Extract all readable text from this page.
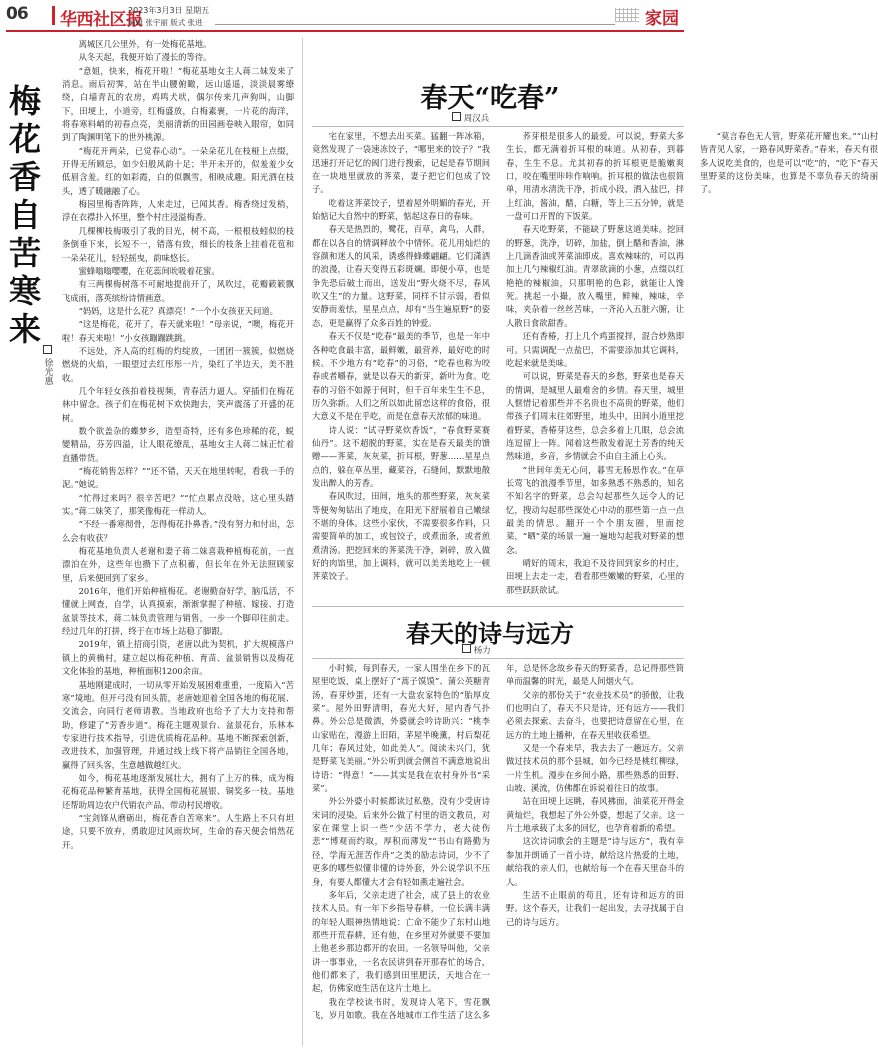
06 华西社区报
2023年3月3日 星期五
编辑 张宇丽 版式 张进	家园
梅花香自苦寒来

徐光惠

离城区几公里外，有一处梅花基地。

从冬天起，我便开始了漫长的等待。

“意姐，快来，梅花开啦！”梅花基地女主人蒋二妹发来了消息。雨后初霁，站在半山腰俯瞰，远山遥遥，淡淡晨雾缭绕，白墙青瓦的农房，鸡鸣犬吠，偶尔传来几声狗叫，山脚下，田埂上，小道旁，红梅盛放，白梅素裹，一片花的海洋，将春寒料峭的初春点亮，美丽清新的田园画卷映入眼帘，如同到了陶渊明笔下的世外桃源。

“梅花开两朵，已觉春心动”。一朵朵花儿在枝桠上点缀，开得无所顾忌，如少妇般风韵十足；半开未开的，似羞羞少女低眉含羞。红的如彩霞，白的似飘雪，相映成趣。阳光洒在枝头，透了暖融融了心。

梅园里梅香阵阵，人来走过，已闻其香。梅香绕过发梢，浮在衣襟扑入怀里，整个村庄浸溢梅香。

几棵柳枝梅吸引了我的目光，树不高，一根根枝蚓似的枝条倒垂下来，长短不一，错落有致，细长的枝条上挂着花苞和一朵朵花儿，轻轻摇曳，韵味悠长。

蜜蜂嗡嗡嘤嘤，在花蕊间吮吸着花蜜。

有三两棵梅树落不可耐地提前开了，风吹过，花瓣簌簌飘飞成雨，落英缤纷诗情画意。

“妈妈，这是什么花？真漂亮！”一个小女孩亚天问道。

“这是梅花，花开了，春天就来啦！”母亲说，“噢，梅花开啦！春天来啦！”小女孩蹦蹦跳跳。

不远处，齐人高的红梅的灼绽放，一团团一簇簇，似燃烧燃烧的火焰，一眼望过去红彤彤一片，染红了半边天，美不胜收。

几个年轻女孩拍着枝视频，青春活力逼人。穿插们在梅花林中留念。孩子们在梅花树下欢快跑去，笑声震荡了开盛的花树。

数个欲盖杂的蝶梦乡，造型奇特，还有多色珍稀的花，蜕變精品，芬芳四溢，让人眼花缭乱，基地女主人蒋二妹正忙着直播带货。

“梅花销售怎样？”“还不错，天天在地里转呢，看我一手的泥。”她说。

“忙得过来吗？很辛苦吧？”“忙点累点没啥，这心里头踏实。”蒋二妹笑了，那笑像梅花一样动人。

“不经一番寒彻骨，怎得梅花扑鼻香。”没有努力和付出，怎么会有收获？

梅花基地负责人老谢和妻子蒋二妹喜栽种植梅花前，一直漂泊在外，这些年也攒下了点积蓄，但长年在外无法照顾家里，后来便回到了家乡。

2016年，他们开始种植梅花。老谢勤奋好学，脑瓜活，不懂就上网查，自学，认真摸索，渐渐掌握了种植、嫁接、打造盆景等技术，蒋二妹负责管理与销售，一步一个脚印往前走。经过几年的打拼，终于在市场上站稳了脚跟。

2019年，镇上招商引资，老唐以此为契机，扩大规模落户镇上的黄桷村，建立起以梅花种植、育苗、盆景销售以及梅花文化体验的基地，种植面积1200余亩。

基地刚建成时，一切从零开始发展困难重重，一度陷入“苦寒”境地。但开弓没有回头箭，老唐她迎着全国各地的梅花展、交流会，向同行老师请教。当地政府也给予了大力支持和帮助，修建了“芳香步道”。梅花主题观景台、盆景花台，乐林本专家进行技术指导，引进优质梅花品种。基地不断探索创新，改进技术，加强管理，并通过线上线下将产品销往全国各地，赢得了回头客，生意越做越红火。

如今，梅花基地逐渐发展壮大，拥有了上万的株，成为梅花梅花品种繁育基地，获得全国梅花展银、铜奖多一枝。基地还帮助周边农户代销农产品，带动村民增收。

“宝剑锋从磨砺出，梅花香自苦寒来”。人生路上不只有坦途，只要不放弃，勇敢迎过风雨坎坷，生命的春天便会悄然花开。

春天“吃春”
周汉兵

宅在家里，不想去出买菜。猛翻一阵冰箱，竟然发现了一袋速冻饺子，“哪里来的饺子？”我迅速打开记忆的阀门进行搜索，记起是春节期间在一块地里就放的荠菜，妻子把它们包成了饺子。

吃着这荠菜饺子，望着屋外明媚的春光，开始惦记大自然中的野菜，惦起这春日的春味。

春天是热烈的，鹭花，百草，禽鸟，人群，都在以各自的情调释放个中情怀。花儿用灿烂的容颜和迷人的风采，诱惑得蜂蝶翩翩。它们潇洒的浪漫，让春天变得五彩斑斓。即便小草，也是争先恐后破土而出，送发出“野火烧不尽，春风吹又生”的力量。这野菜，同样不甘示弱，看似安静而羞怯，星星点点，却有“当生遍原野”的姿态，更是赢得了众多百姓的钟爱。

春天不仅是“吃春”最美的季节，也是一年中各种吃食最丰富，最鲜嫩，最营养，最好吃的时候。不少地方有“吃春”的习俗，“吃春也称为咬春或者嚼春，就是以春天的新芽，新叶为食。吃春的习俗不如源于何时，但千百年来生生不息，历久弥新。人们之所以如此留恋这样的食俗，很大意义不是在乎吃，而是在意春天浓郁的味道。

诗人说：“试寻野菜炊香饭”，“春食野菜赛仙丹”。这不超脱的野菜，实在是春天最美的馈赠——荠菜，灰灰菜，折耳根，野葱……星星点点的，躲在草丛里，藏菜谷，石缝间，默默地散发出醉人的芳香。

春风吹过，田间，地头的那些野菜，灰灰菜等便匆匆钻出了地皮，在阳光下舒展着自己嫩绿不堪的身体。这些小家伙，不需要很多作料，只需要简单的加工，或包饺子，或煮面条，或者煎煮清汤。把挖回来的荠菜洗干净，剁碎，放入做好的肉馅里，加上调料，就可以美美地吃上一顿荠菜饺子。

荞芽根是很多人的最爱。可以说，野菜大多生长，都无满着折耳根的味道。从初春，到暮春，生生不息。尤其初春的折耳根更是脆嫩爽口，咬在嘴里咔咔作响响。折耳根的做法也很简单，用清水清洗干净，折成小段，洒入盐巴，拌上红油，酱油，醋，白糖，等上三五分钟，就是一盘可口开胃的下饭菜。

春天吃野菜，不能缺了野葱这道美味。挖回的野葱，洗净，切碎，加盐，倒上醋和香油，淋上几滴香油或荠菜油即成。喜欢辣味的，可以再加上几勺辣椒红油。青翠欲滴的小葱，点缀以红艳艳的辣椒油，只那明艳的色彩，就能让人馋死。挑起一小撮，放入嘴里，鲜辣，辣味，辛味，夹杂着一丝丝苦味，一齐沁入五脏六腑，让人散日食欲甜香。

还有香椿，打上几个鸡蛋搅拌，混合炒熟即可。只需调配一点盐巴，不需要添加其它调料，吃起来就是美味。

可以说，野菜是春天的乡愁，野菜也是春天的情调，是城里人最难舍的乡情。春天里，城里人惬惜记着那些并不名贵也不高贵的野菜，他们带孩子们周末往郊野里，地头中，田间小道里挖着野菜，香椿芽这些，总会多着上几眼，总会流连逗留上一阵。闻着这些散发着泥土芳香的纯天然味道，乡音，乡情就会不由自主涌上心头。

“世间年美无心问，暮雪无肠思作农。”在草长莺飞的浪漫季节里，如多熟悉不熟悉的，知名不知名字的野菜，总会勾起那些久远令人的记忆，搜动勾起那些深处心中动的那些第一点一点最美的情思。翻开一个个朋友圈，里面挖菜，“晒”菜的场景一遍一遍地勾起我对野菜的想念。

晴好的周末，我迫不及待回到家乡的村庄，田埂上去走一走，看看那些嫩嫩的野菜，心里的那些跃跃欲试。

“莫言春色无人管，野菜花开耀也来。”“山村皆青见人家，一路春风野菜香。”春来，春天有很多人说吃美食的，也是可以“吃”的，“吃下”春天里野菜的这份美味，也算是不辜负春天的绮丽了。

春天的诗与远方
杨力

小时候，每到春天，一家人围坐在乡下的瓦屋里吃饭，桌上摆好了“蒿子馍馍”、蒲公英糖青汤，春芽炒蛋，还有一大盘农家特色的“胎厚皮菜”。屋外田野清明，春光大好，屋内香气扑鼻。外公总是微酒，外婆就会吟诗助兴：“桃李山家贴在，漫游上旧陌，茅屋半晚薰，村后梨花几年；春风过处，如此美人”。阅读未兴门，犹是野菜飞美丽。”外公听到就会侧首不满意地说出诗语：“得意！”——其实是我在农村身外书“采菜”。

外公外婆小时候都读过私塾，没有少受唐诗宋词的浸染。后来外公做了村里的语文教员，对家在课堂上识一些“少活不学力，老大徒伤悲”“博观而约取，厚积而薄发”“书山有路勤为径，学海无涯苦作舟”之类的励志诗词，少不了更多的哪些似懂非懂的诗外套，外公说学识不压身，有要人都懂大才会有轻如燕走遍社会。

多年后，父亲走进了社会，成了县上的农业技术人员。有一年下乡指导春耕，一位长满丰满的年轻人眼神热情地说：亡命不能少了东村山地那些开荒春耕，还有他，在乡里对外就要不要加上他老乡那边都开的农田。一名领导叫他，父亲讲一事事业，一名农民讲到春开那春忙的场合，他们都来了，我们感到田里肥沃，天地合在一起，仿佛家庭生活在这片土地上。

我在学校读书时，发现诗人笔下，雪花飘飞，岁月如歌。我在各地城市工作生活了这么多年，总是怀念故乡春天的野菜香，总记得那些简单而温馨的时光，最是人间烟火气。

父亲的那份关于“农业技术员”的骄傲，让我们也明白了，春天不只是诗，还有远方——我们必须去探索、去奋斗，也要把诗意留在心里，在远方的土地上播种，在春天里收获希望。

又是一个春来早，我去去了一趟远方。父亲做过技术员的那个县城，如今已经是桃红柳绿，一片生机。漫步在乡间小路，那些熟悉的田野、山坡、溪流，仿佛都在诉说着往日的故事。

站在田埂上远眺，春风拂面，油菜花开得金黄灿烂，我想起了外公外婆，想起了父亲。这一片土地承载了太多的回忆，也孕育着新的希望。

这次诗词歌会的主题是“诗与远方”，我有幸参加并朗诵了一首小诗，献给这片热爱的土地，献给我的亲人们，也献给每一个在春天里奋斗的人。

生活不止眼前的苟且，还有诗和远方的田野。这个春天，让我们一起出发，去寻找属于自己的诗与远方。
